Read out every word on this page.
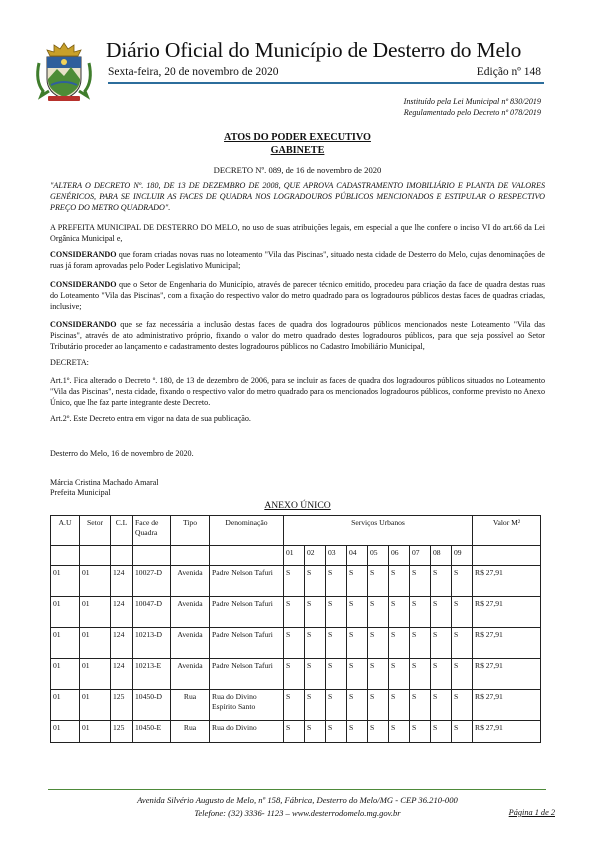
Diário Oficial do Município de Desterro do Melo
Sexta-feira, 20 de novembro de 2020	Edição nº 148
Instituído pela Lei Municipal nº 830/2019
Regulamentado pelo Decreto nº 078/2019
ATOS DO PODER EXECUTIVO
GABINETE
DECRETO Nº. 089, de 16 de novembro de 2020

"ALTERA O DECRETO Nº. 180, DE 13 DE DEZEMBRO DE 2008, QUE APROVA CADASTRAMENTO IMOBILIÁRIO E PLANTA DE VALORES GENÉRICOS, PARA SE INCLUIR AS FACES DE QUADRA NOS LOGRADOUROS PÚBLICOS MENCIONADOS E ESTIPULAR O RESPECTIVO PREÇO DO METRO QUADRADO".

A PREFEITA MUNICIPAL DE DESTERRO DO MELO, no uso de suas atribuições legais, em especial a que lhe confere o inciso VI do art.66 da Lei Orgânica Municipal e,

CONSIDERANDO que foram criadas novas ruas no loteamento "Vila das Piscinas", situado nesta cidade de Desterro do Melo, cujas denominações de ruas já foram aprovadas pelo Poder Legislativo Municipal;

CONSIDERANDO que o Setor de Engenharia do Município, através de parecer técnico emitido, procedeu para criação da face de quadra destas ruas do Loteamento "Vila das Piscinas", com a fixação do respectivo valor do metro quadrado para os logradouros públicos destas faces de quadras criadas, inclusive;

CONSIDERANDO que se faz necessária a inclusão destas faces de quadra dos logradouros públicos mencionados neste Loteamento "Vila das Piscinas", através de ato administrativo próprio, fixando o valor do metro quadrado destes logradouros públicos, para que seja possível ao Setor Tributário proceder ao lançamento e cadastramento destes logradouros públicos no Cadastro Imobiliário Municipal,

DECRETA:

Art.1º. Fica alterado o Decreto º. 180, de 13 de dezembro de 2006, para se incluir as faces de quadra dos logradouros públicos situados no Loteamento "Vila das Piscinas", nesta cidade, fixando o respectivo valor do metro quadrado para os mencionados logradouros públicos, conforme previsto no Anexo Único, que lhe faz parte integrante deste Decreto.

Art.2º. Este Decreto entra em vigor na data de sua publicação.
Desterro do Melo, 16 de novembro de 2020.
Márcia Cristina Machado Amaral
Prefeita Municipal
ANEXO ÚNICO
A.U	Setor	C.L	Face de Quadra	Tipo	Denominação	Serviços Urbanos									Valor M²
						01	02	03	04	05	06	07	08	09	
01	01	124	10027-D	Avenida	Padre Nelson Tafuri	S	S	S	S	S	S	S	S	S	R$ 27,91
01	01	124	10047-D	Avenida	Padre Nelson Tafuri	S	S	S	S	S	S	S	S	S	R$ 27,91
01	01	124	10213-D	Avenida	Padre Nelson Tafuri	S	S	S	S	S	S	S	S	S	R$ 27,91
01	01	124	10213-E	Avenida	Padre Nelson Tafuri	S	S	S	S	S	S	S	S	S	R$ 27,91
01	01	125	10450-D	Rua	Rua do Divino Espírito Santo	S	S	S	S	S	S	S	S	S	R$ 27,91
01	01	125	10450-E	Rua	Rua do Divino	S	S	S	S	S	S	S	S	S	R$ 27,91
Avenida Silvério Augusto de Melo, nº 158, Fábrica, Desterro do Melo/MG - CEP 36.210-000
Telefone: (32) 3336- 1123 – www.desterrodomelo.mg.gov.br	Página 1 de 2
